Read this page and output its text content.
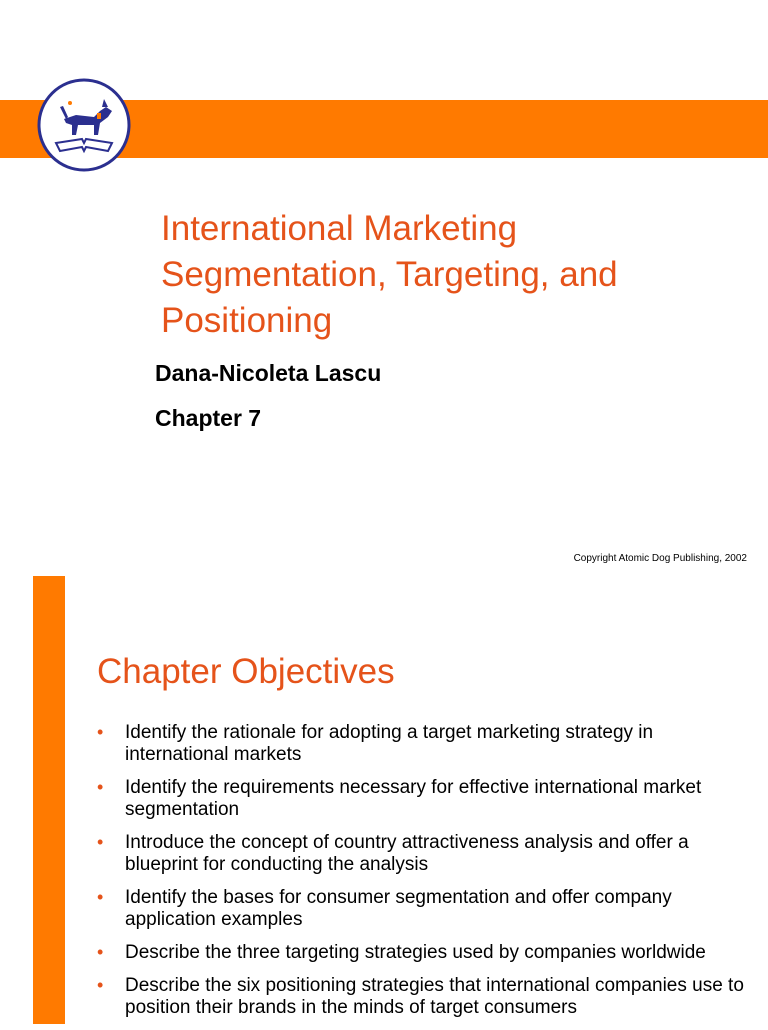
International Marketing
Segmentation, Targeting, and
Positioning
Dana-Nicoleta Lascu
Chapter 7
Copyright Atomic Dog Publishing, 2002
Chapter Objectives
• Identify the rationale for adopting a target marketing strategy in international markets
• Identify the requirements necessary for effective international market segmentation
• Introduce the concept of country attractiveness analysis and offer a blueprint for conducting the analysis
• Identify the bases for consumer segmentation and offer company application examples
• Describe the three targeting strategies used by companies worldwide
• Describe the six positioning strategies that international companies use to position their brands in the minds of target consumers
